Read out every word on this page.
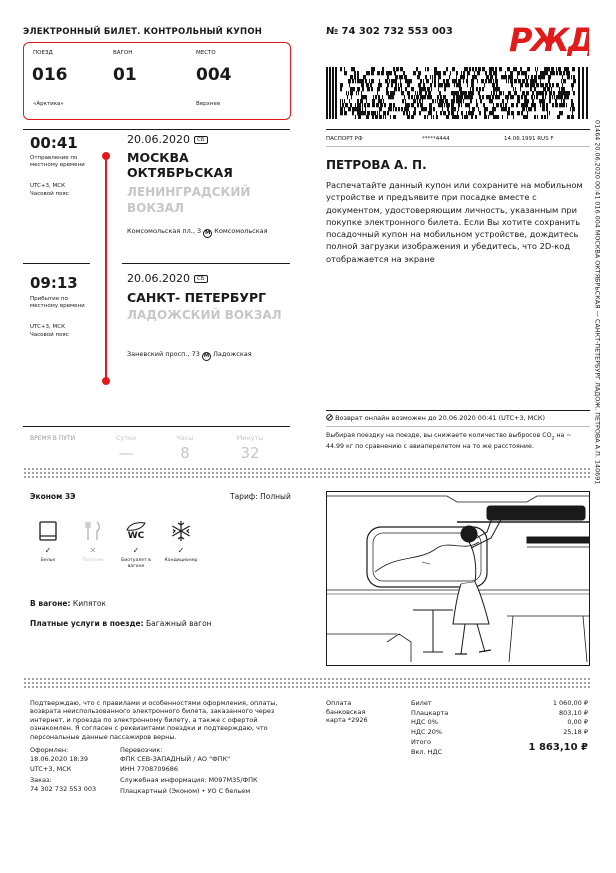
ЭЛЕКТРОННЫЙ БИЛЕТ. КОНТРОЛЬНЫЙ КУПОН	№ 74 302 732 553 003 РЖД
ПОЕЗД
016
«Арктика»
ВАГОН
01
МЕСТО
004
Верхнее
01464 20.06.2020 00:41 016 004 МОСКВА ОКТЯБРЬСКАЯ — САНКТ-ПЕТЕРБУРГ ЛАДОЖ. ПЕТРОВА А.П. 140691
00:41
Отправление по местному времени
UTC+3, МСК
Часовой пояс
20.06.2020 СБ
МОСКВА ОКТЯБРЬСКАЯ
ЛЕНИНГРАДСКИЙ ВОКЗАЛ
Комсомольская пл., 3 М Комсомольская
09:13
Прибытие по местному времени
UTC+3, МСК
Часовой пояс
20.06.2020 СБ
САНКТ- ПЕТЕРБУРГ
ЛАДОЖСКИЙ ВОКЗАЛ
Заневский просп., 73 М Ладожская
ПАСПОРТ РФ	*****4444	14.06.1991 RUS F
ПЕТРОВА А. П.
Распечатайте данный купон или сохраните на мобильном устройстве и предъявите при посадке вместе с документом, удостоверяющим личность, указанным при покупке электронного билета. Если Вы хотите сохранить посадочный купон на мобильном устройстве, дождитесь полной загрузки изображения и убедитесь, что 2D-код отображается на экране
ВРЕМЯ В ПУТИ	Сутки
—
Часы
8
Минуты
32
Возврат онлайн возможен до 20.06.2020 00:41 (UTC+3, МСК)
Выбирая поездку на поезде, вы снижаете количество выбросов $CO_2$ на ~ 44.99 кг по сравнению с авиаперелетом на то же расстояние.
Эконом 3Э	Тариф: Полный
✓
Белье
✕
Питание
WC
✓
Биотуалет в вагоне
✓
Кондиционер
В вагоне: Кипяток
Платные услуги в поезде: Багажный вагон
Подтверждаю, что с правилами и особенностями оформления, оплаты, возврата неиспользованного электронного билета, заказанного через интернет, и проезда по электронному билету, а также с офертой ознакомлен. Я согласен с реквизитами поездки и подтверждаю, что персональные данные пассажиров верны.
Оформлен:
18.06.2020 18:39
UTC+3, МСК
Заказ:
74 302 732 553 003
Перевозчик:
ФПК СЕВ-ЗАПАДНЫЙ / АО "ФПК"
ИНН 7708709686
Служебная информация: М097М35/ФПК
Плацкартный (Эконом) • УО С бельем
Оплата
банковская карта *2926
Билет	1 060,00 ₽
Плацкарта	803,10 ₽
НДС 0%	0,00 ₽
НДС 20%	25,18 ₽
Итого
Вкл. НДС	1 863,10 ₽
